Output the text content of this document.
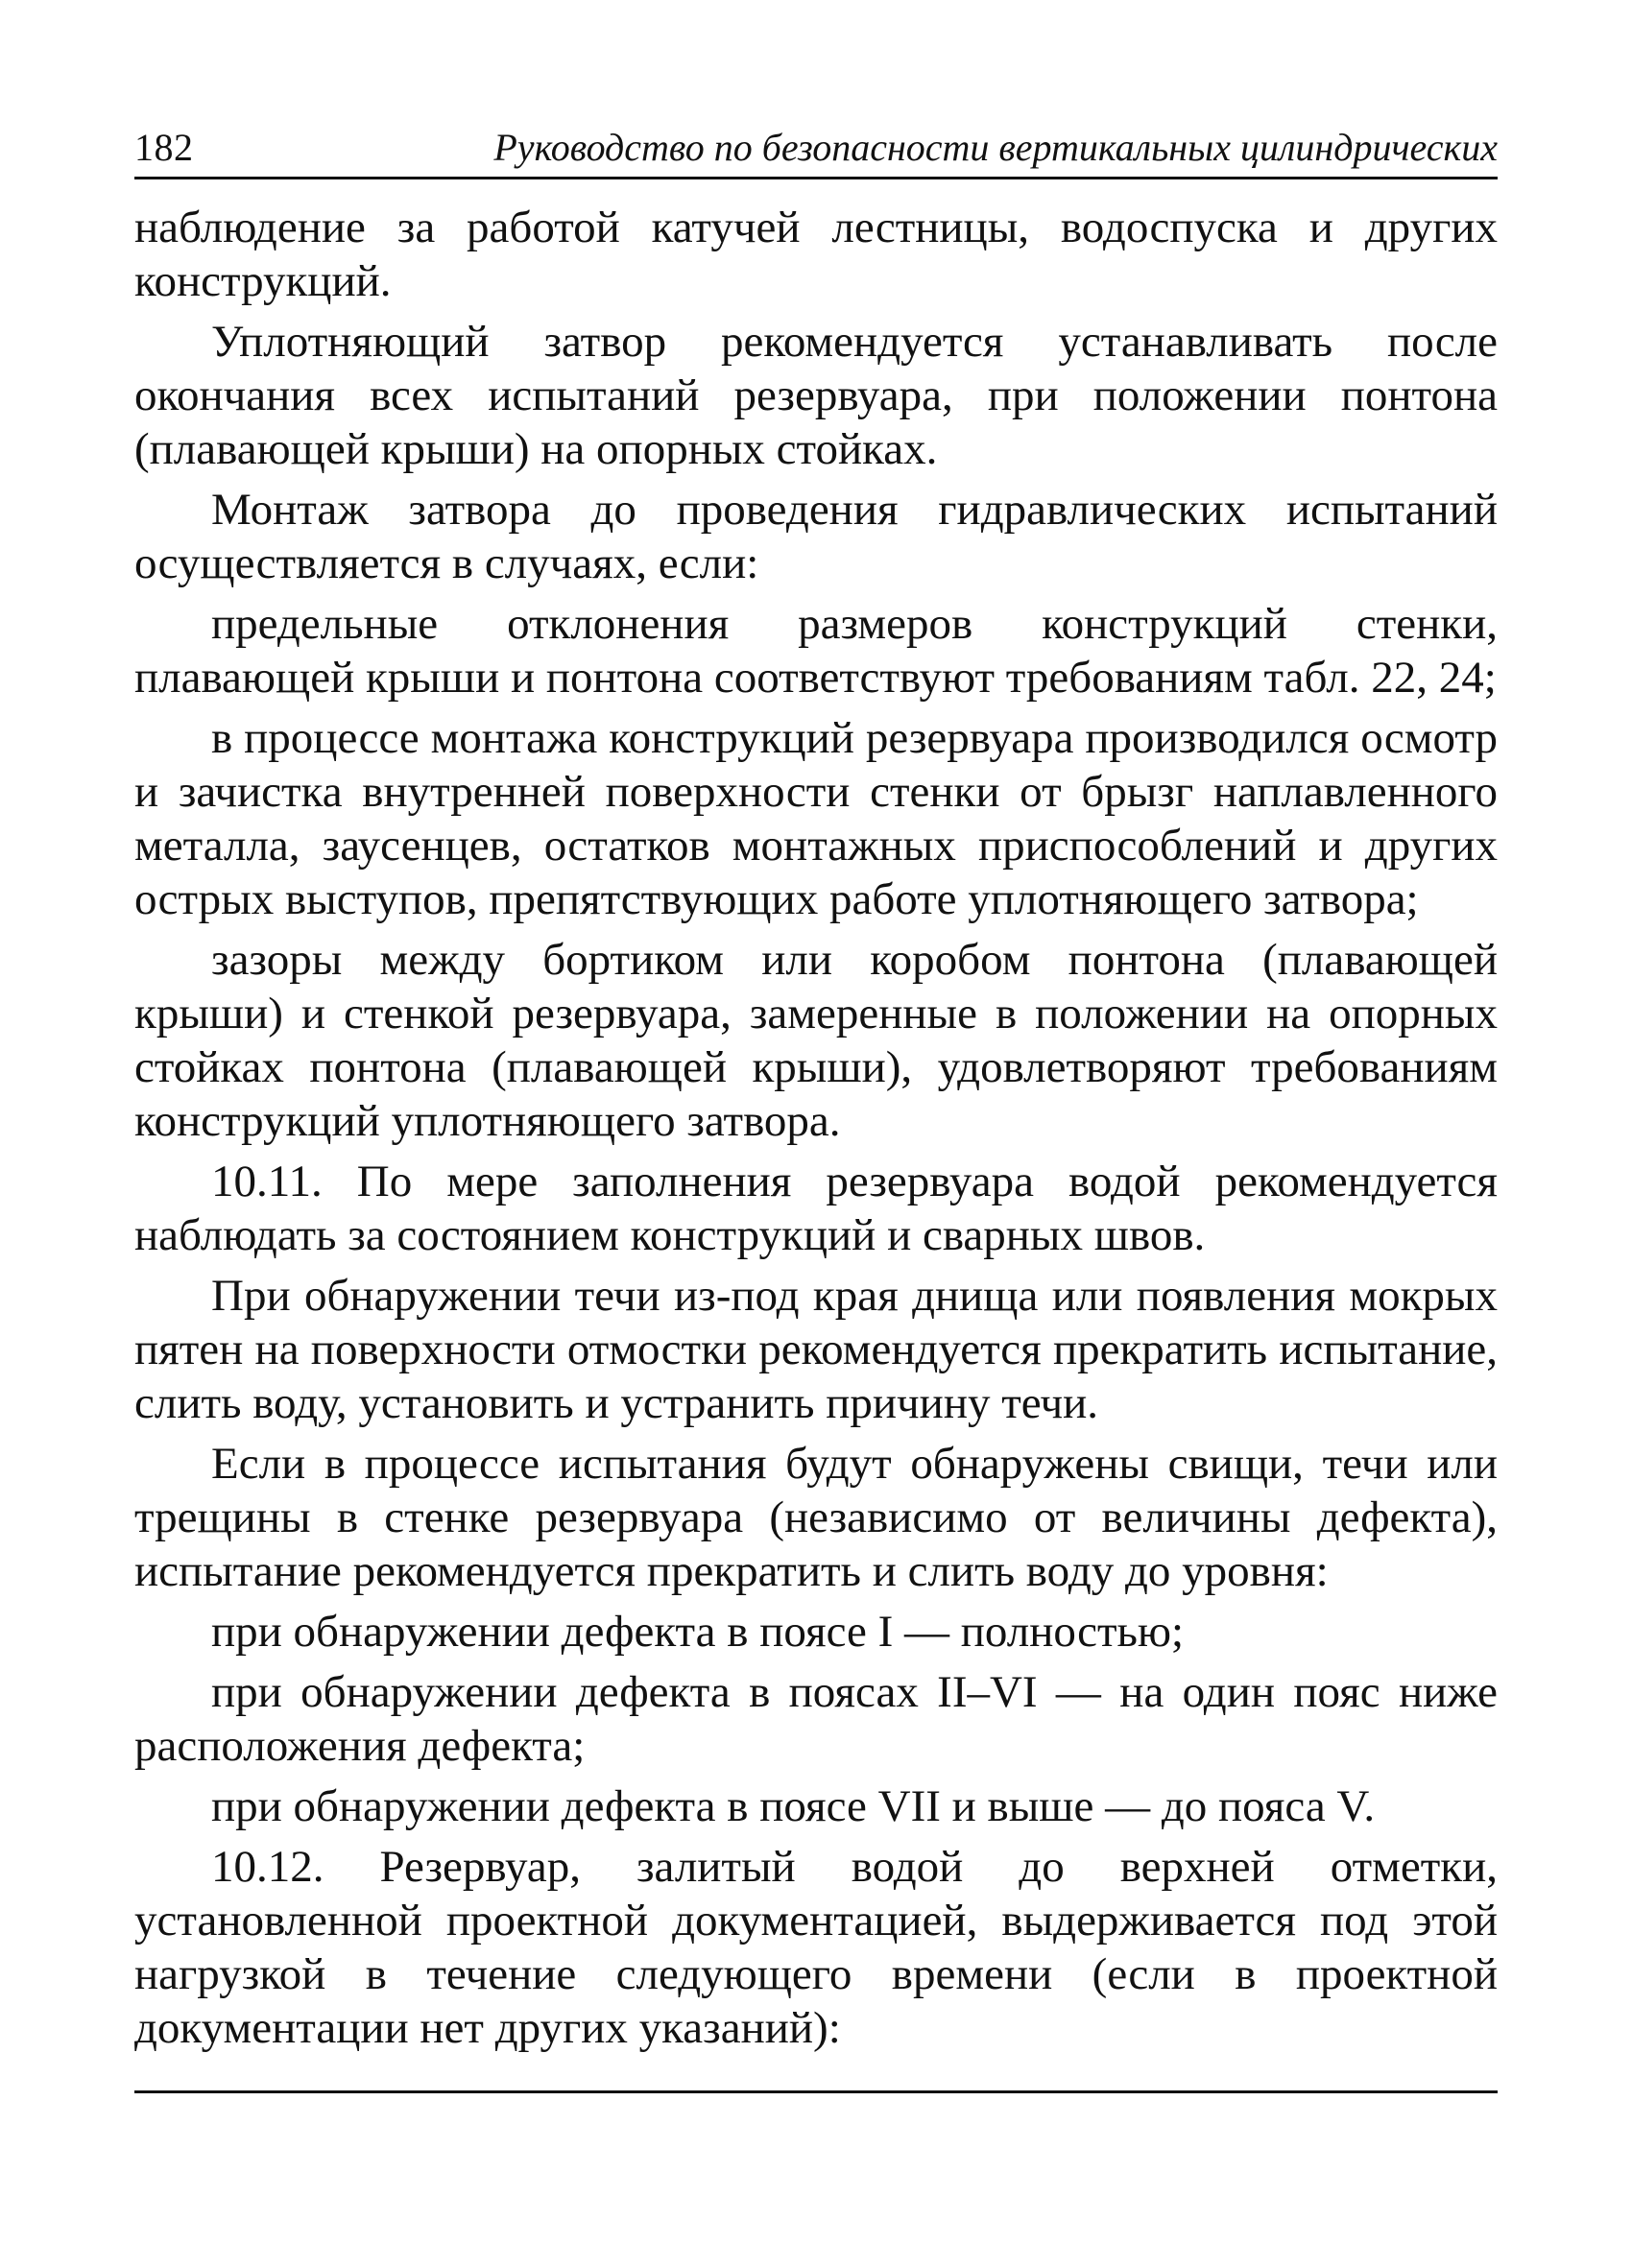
182	Руководство по безопасности вертикальных цилиндрических

наблюдение за работой катучей лестницы, водоспуска и других конструкций.

Уплотняющий затвор рекомендуется устанавливать после окончания всех испытаний резервуара, при положении понтона (плавающей крыши) на опорных стойках.

Монтаж затвора до проведения гидравлических испытаний осуществляется в случаях, если:

предельные отклонения размеров конструкций стенки, плавающей крыши и понтона соответствуют требованиям табл. 22, 24;

в процессе монтажа конструкций резервуара производился осмотр и зачистка внутренней поверхности стенки от брызг наплавленного металла, заусенцев, остатков монтажных приспособлений и других острых выступов, препятствующих работе уплотняющего затвора;

зазоры между бортиком или коробом понтона (плавающей крыши) и стенкой резервуара, замеренные в положении на опорных стойках понтона (плавающей крыши), удовлетворяют требованиям конструкций уплотняющего затвора.

10.11. По мере заполнения резервуара водой рекомендуется наблюдать за состоянием конструкций и сварных швов.

При обнаружении течи из-под края днища или появления мокрых пятен на поверхности отмостки рекомендуется прекратить испытание, слить воду, установить и устранить причину течи.

Если в процессе испытания будут обнаружены свищи, течи или трещины в стенке резервуара (независимо от величины дефекта), испытание рекомендуется прекратить и слить воду до уровня:

при обнаружении дефекта в поясе I — полностью;

при обнаружении дефекта в поясах II–VI — на один пояс ниже расположения дефекта;

при обнаружении дефекта в поясе VII и выше — до пояса V.

10.12. Резервуар, залитый водой до верхней отметки, установленной проектной документацией, выдерживается под этой нагрузкой в течение следующего времени (если в проектной документации нет других указаний):
